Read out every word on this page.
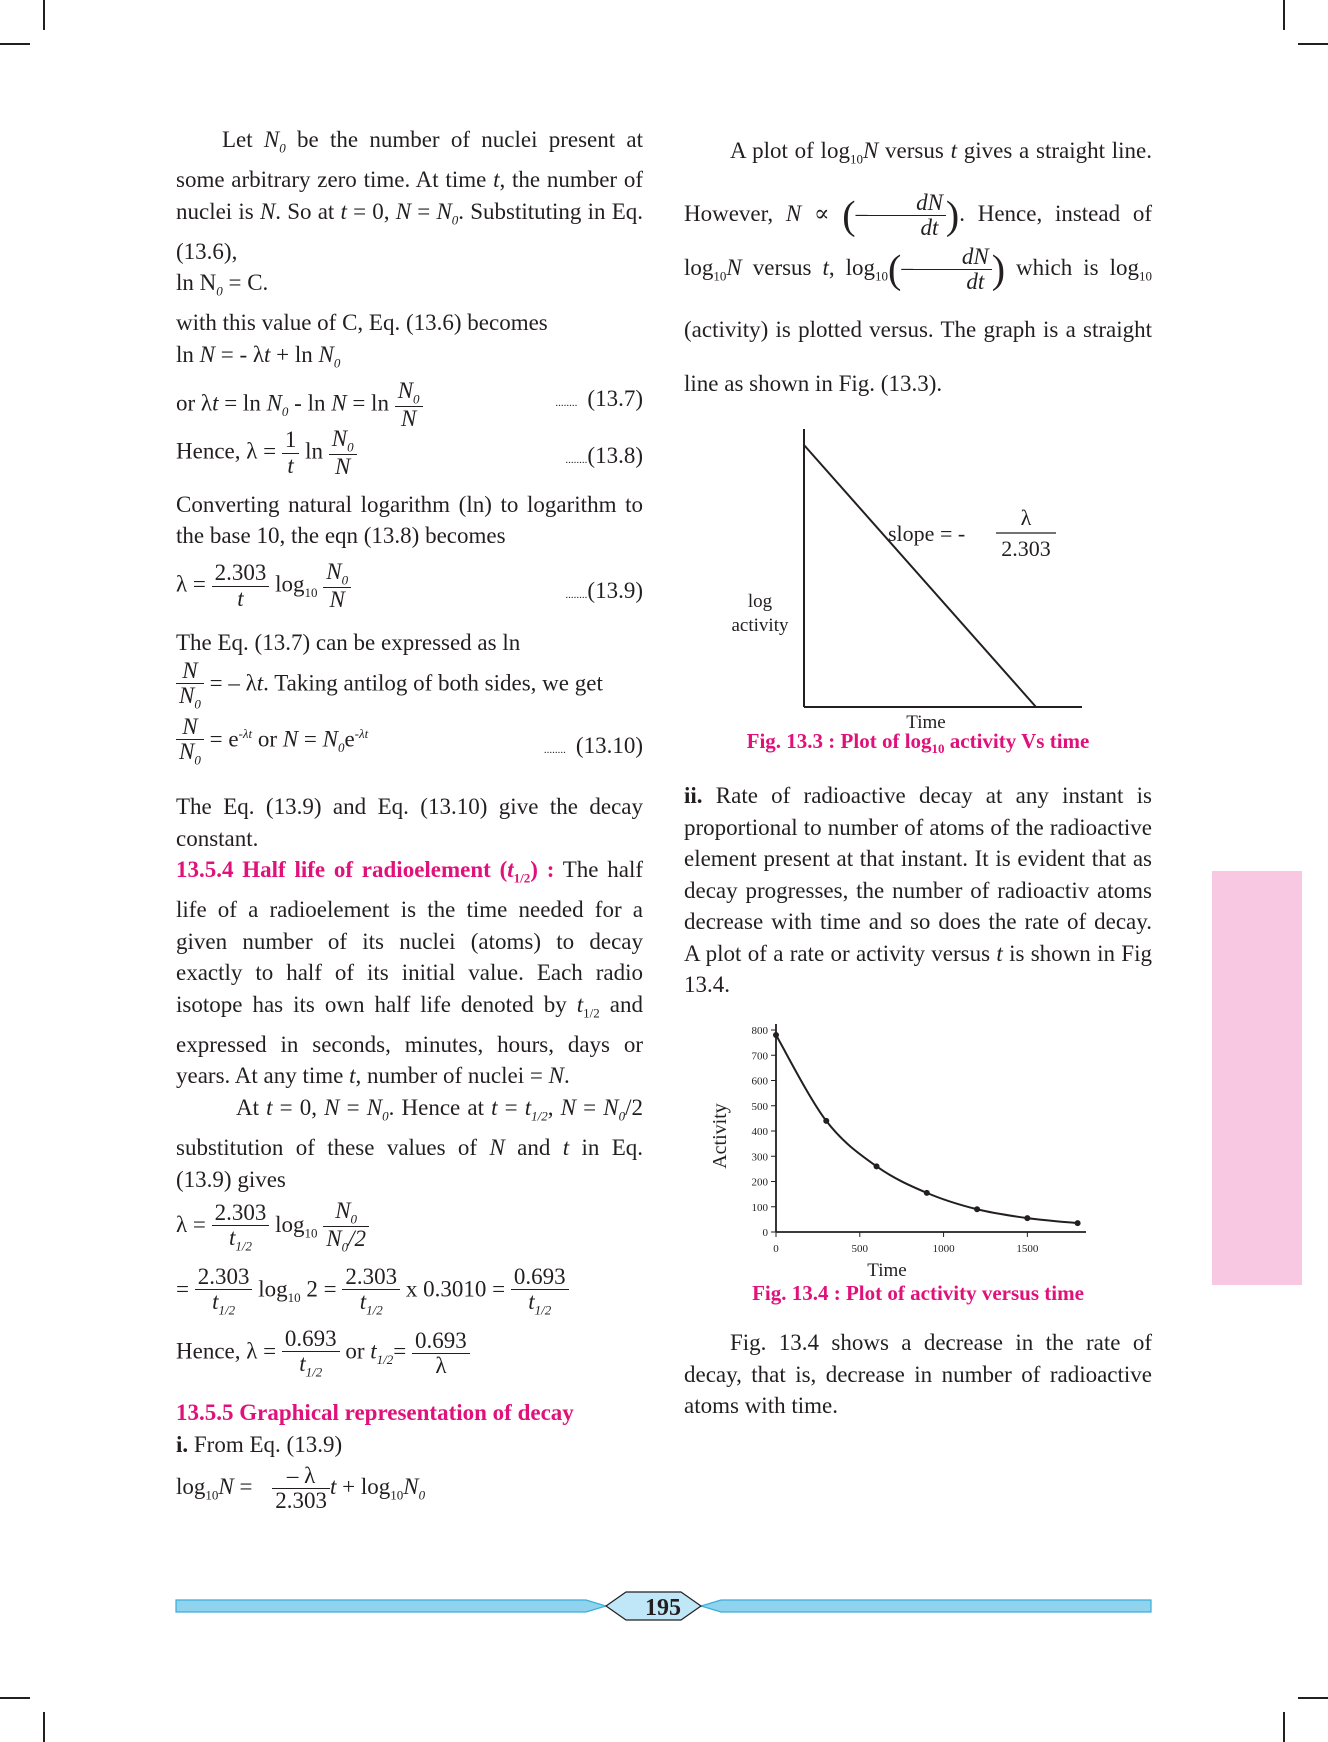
Let $N_0$ be the number of nuclei present at some arbitrary zero time. At time t, the number of nuclei is N. So at t = 0, $N = N_0$. Substituting in Eq. (13.6),
$\ln N_0 = C$.
with this value of C, Eq. (13.6) becomes
ln N = - $\lambda t + \ln N_0$
or $\lambda t = \ln N_0 - \ln N = \ln \frac{N_0}{N}$	........ (13.7)
Hence, $\lambda = \frac{1}{t}$ $\ln \frac{N_0}{N}$	........(13.8)
Converting natural logarithm (ln) to logarithm to the base 10, the eqn (13.8) becomes
$\lambda = \frac{2.303}{t} \log_{10} \frac{N_0}{N}$	........(13.9)
The Eq. (13.7) can be expressed as ln

$\frac{N}{N_0}$ = – λt. Taking antilog of both sides, we get
$\frac{N}{N_0} = e^{-\lambda t}$ or $N = N_0e^{-\lambda t}$
........ (13.10)
The Eq. (13.9) and Eq. (13.10) give the decay constant.
13.5.4 Half life of radioelement $(t_{1/2})$ : The half life of a radioelement is the time needed for a given number of its nuclei (atoms) to decay exactly to half of its initial value. Each radio isotope has its own half life denoted by $t_{1/2}$ and expressed in seconds, minutes, hours, days or years. At any time t, number of nuclei = N.
At t = 0, $N = N_0$. Hence at $t = t_{1/2}$, $N = N_0/2$ substitution of these values of N and t in Eq. (13.9) gives
$\lambda = \frac{2.303}{t_{1/2}} \log_{10} \frac{N_0}{N_0/2}$
= $\frac{2.303}{t_{1/2}} \log_{10} 2 = \frac{2.303}{t_{1/2}}$ x $0.3010 = \frac{0.693}{t_{1/2}}$
Hence, $\lambda = \frac{0.693}{t_{1/2}}$ or $t_{1/2}= \frac{0.693}{\lambda}$
13.5.5 Graphical representation of decay
i. From Eq. (13.9)
$\log_{10}N = \frac{- \lambda}{2.303}$ $t + \log_{10}N_0$
A plot of $\log_{10}N$ versus t gives a straight line. However, N ∝ (– $\frac{dN}{dt}$ ). Hence, instead of $\log_{10}N$ versus t, $\log_{10}(- \frac{dN}{dt}$ ) which is $\log_{10}$ (activity) is plotted versus. The graph is a straight line as shown in Fig. (13.3).
log activity
Time
slope = -
λ
2.303
Fig. 13.3 : Plot of $\log_{10}$ activity Vs time
ii. Rate of radioactive decay at any instant is proportional to number of atoms of the radioactive element present at that instant. It is evident that as decay progresses, the number of radioactiv atoms decrease with time and so does the rate of decay. A plot of a rate or activity versus t is shown in Fig 13.4.
0
100
200
300
400
500
600
700
800
0	500	1000	1500
Activity
Time
Fig. 13.4 : Plot of activity versus time
Fig. 13.4 shows a decrease in the rate of decay, that is, decrease in number of radioactive atoms with time.
195
